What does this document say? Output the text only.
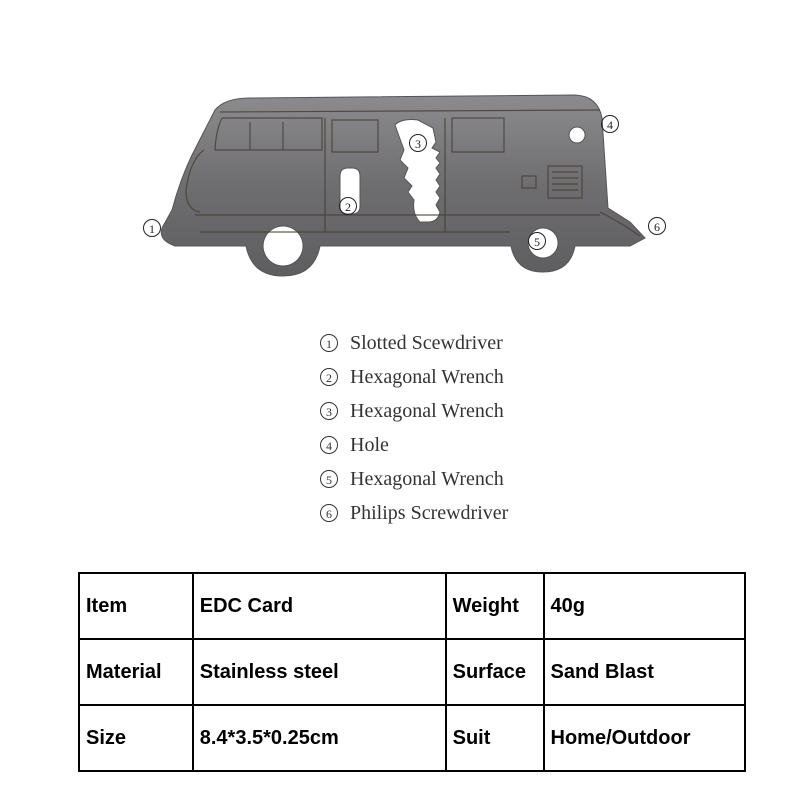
1
2
3
4
5
6
1 Slotted Scewdriver
2 Hexagonal Wrench
3 Hexagonal Wrench
4 Hole
5 Hexagonal Wrench
6 Philips Screwdriver
Item	EDC Card	Weight	40g
Material	Stainless steel	Surface	Sand Blast
Size	8.4*3.5*0.25cm	Suit	Home/Outdoor
